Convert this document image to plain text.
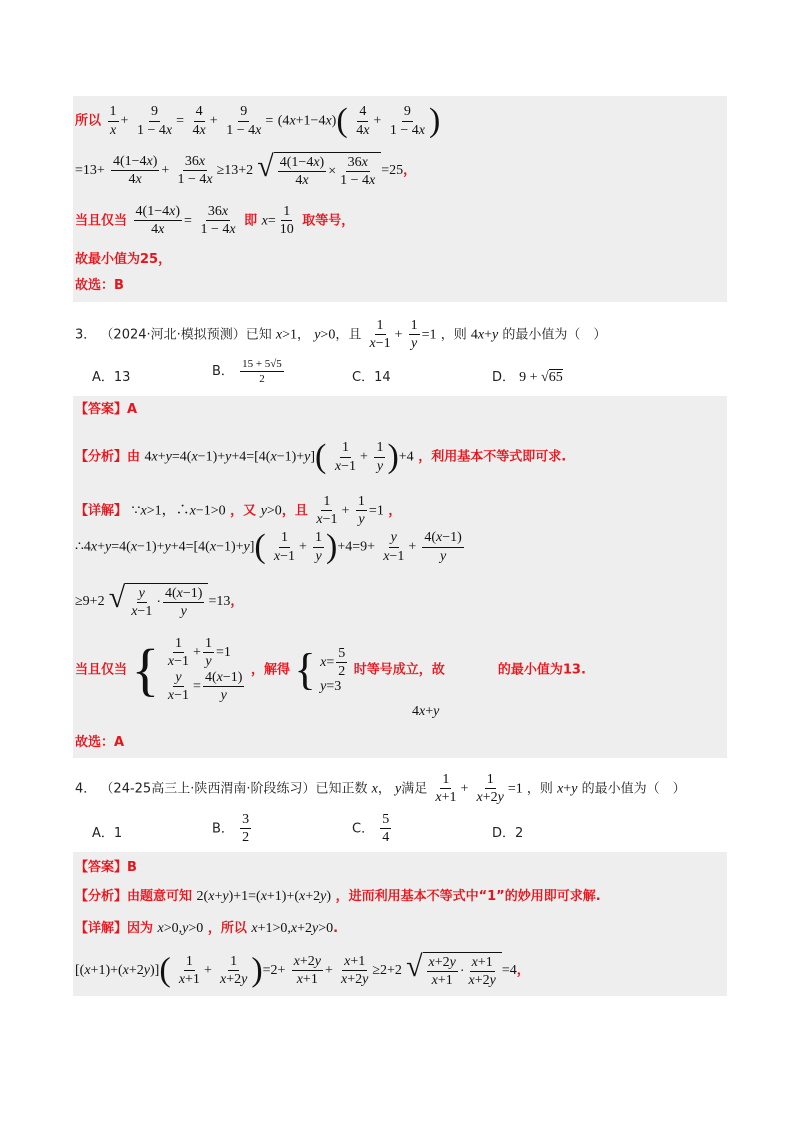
所以 $\frac{1}{x} + \frac{9}{1 - 4x} = \frac{4}{4x} + \frac{9}{1 - 4x} = (4x+1-4x)( \frac{4}{4x} + \frac{9}{1 - 4x}$ )
$=13+ \frac{4(1-4x)}{4x} + \frac{36x}{1 - 4x} \ge 13+2$ √ $\frac{4(1-4x)}{4x} \times \frac{36x}{1 - 4x} =25$，
当且仅当 $\frac{4(1-4x)}{4x} = \frac{36x}{1 - 4x}$ 即 $x= \frac{1}{10}$ 取等号，
故最小值为25，
故选：B
3． （2024·河北·模拟预测）已知 x>1， y>0，且 $\frac{1}{x-1} + \frac{1}{y} =1$ ，则 4x+y 的最小值为（　）
A．13	B． $\frac{15 + 5√5}{2}$	C．14	D． 9 + √65
【答案】A
【分析】由 $4x+y=4(x-1)+y+4=[4(x-1)+y]( \frac{1}{x-1} + \frac{1}{y} )+4$ ，利用基本不等式即可求.
【详解】 ∵x>1，∴x−1>0 ，又 y>0，且 $\frac{1}{x-1} + \frac{1}{y} =1$ ，
∴4x+y=4(x−1)+y+4=[4(x−1)+y]( $\frac{1}{x-1} + \frac{1}{y} )+4=9+ \frac{y}{x-1} + \frac{4(x-1)}{y}$
≥9+2 √ $\frac{y}{x-1} \cdot \frac{4(x-1)}{y} =13$，
当且仅当 { $\frac{1}{x-1} + \frac{1}{y} =1$
$\frac{y}{x-1} = \frac{4(x-1)}{y}$ ，解得 { $x= \frac{5}{2}$
y=3
时等号成立，故	的最小值为13.
4x+y
故选：A
4． （24-25高三上·陕西渭南·阶段练习）已知正数 x， y满足 $\frac{1}{x+1} + \frac{1}{x+2y} =1$ ，则 x+y 的最小值为（　）
A．1	B． $\frac{3}{2}$	C． $\frac{5}{4}$	D．2
【答案】B
【分析】由题意可知 2(x+y)+1=(x+1)+(x+2y) ，进而利用基本不等式中“1”的妙用即可求解.
【详解】因为 x>0,y>0 ，所以 x+1>0,x+2y>0.
$[(x+1)+(x+2y)]( \frac{1}{x+1} + \frac{1}{x+2y} )=2+ \frac{x+2y}{x+1} + \frac{x+1}{x+2y} \ge 2+2$ √ $\frac{x+2y}{x+1} \cdot \frac{x+1}{x+2y} =4$，
